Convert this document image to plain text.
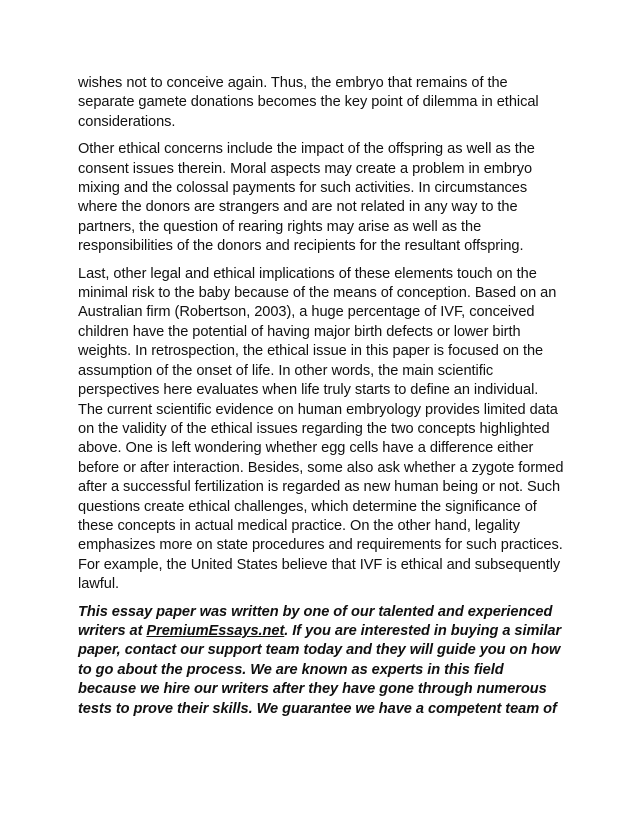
wishes not to conceive again. Thus, the embryo that remains of the separate gamete donations becomes the key point of dilemma in ethical considerations.

Other ethical concerns include the impact of the offspring as well as the consent issues therein. Moral aspects may create a problem in embryo mixing and the colossal payments for such activities. In circumstances where the donors are strangers and are not related in any way to the partners, the question of rearing rights may arise as well as the responsibilities of the donors and recipients for the resultant offspring.

Last, other legal and ethical implications of these elements touch on the minimal risk to the baby because of the means of conception. Based on an Australian firm (Robertson, 2003), a huge percentage of IVF, conceived children have the potential of having major birth defects or lower birth weights. In retrospection, the ethical issue in this paper is focused on the assumption of the onset of life. In other words, the main scientific perspectives here evaluates when life truly starts to define an individual. The current scientific evidence on human embryology provides limited data on the validity of the ethical issues regarding the two concepts highlighted above. One is left wondering whether egg cells have a difference either before or after interaction. Besides, some also ask whether a zygote formed after a successful fertilization is regarded as new human being or not. Such questions create ethical challenges, which determine the significance of these concepts in actual medical practice. On the other hand, legality emphasizes more on state procedures and requirements for such practices. For example, the United States believe that IVF is ethical and subsequently lawful.

This essay paper was written by one of our talented and experienced writers at PremiumEssays.net. If you are interested in buying a similar paper, contact our support team today and they will guide you on how to go about the process. We are known as experts in this field because we hire our writers after they have gone through numerous tests to prove their skills. We guarantee we have a competent team of
